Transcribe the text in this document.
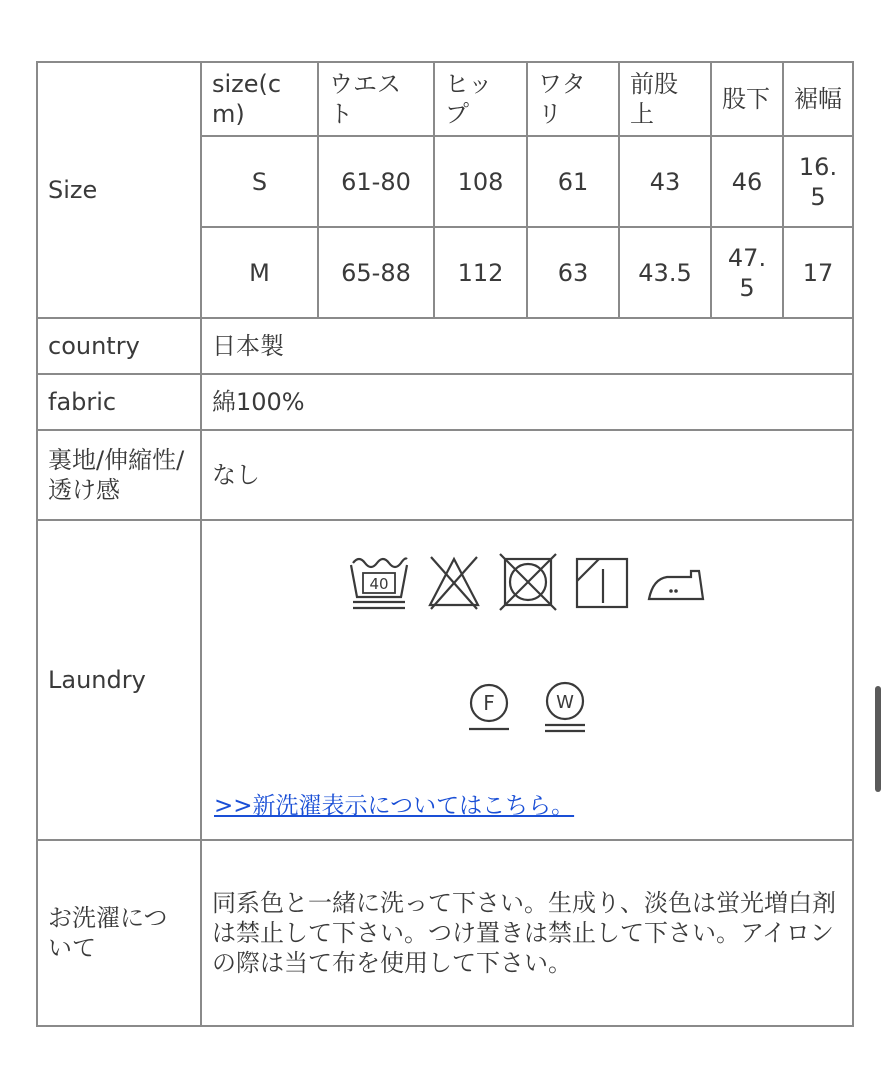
Size	size(cm)	ウエスト	ヒップ	ワタリ	前股上	股下	裾幅
	S	61-80	108	61	43	46	16.5
	M	65-88	112	63	43.5	47.5	17
country	日本製						
fabric	綿100%						
裏地/伸縮性/透け感	なし						
Laundry	40
F W
>>新洗濯表示についてはこちら。						

お洗濯について	同系色と一緒に洗って下さい。生成り、淡色は蛍光増白剤は禁止して下さい。つけ置きは禁止して下さい。アイロンの際は当て布を使用して下さい。						
